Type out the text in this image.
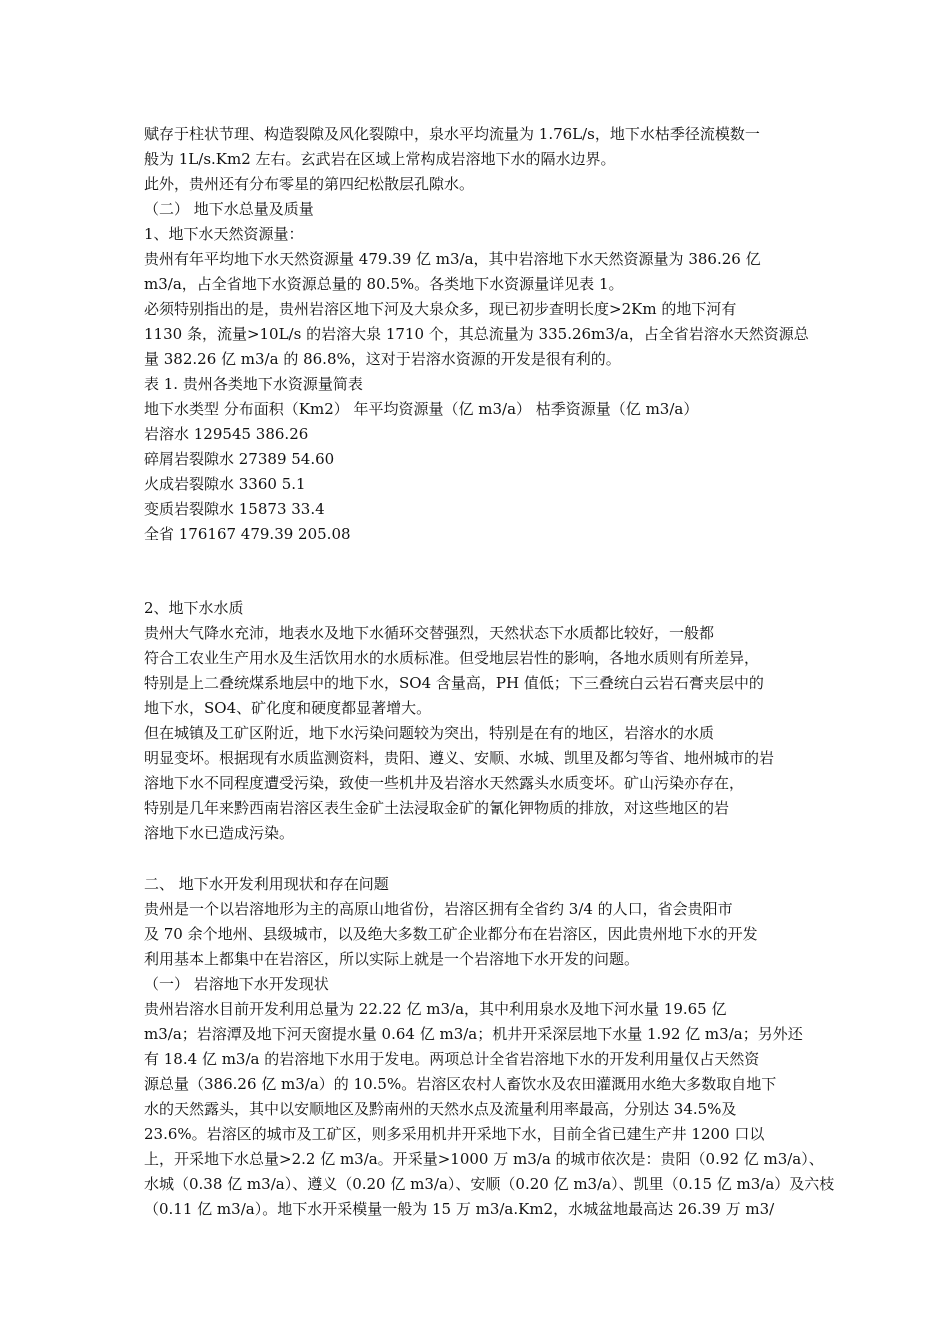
赋存于柱状节理、构造裂隙及风化裂隙中，泉水平均流量为 1.76L/s，地下水枯季径流模数一
般为 1L/s.Km2 左右。玄武岩在区域上常构成岩溶地下水的隔水边界。
此外，贵州还有分布零星的第四纪松散层孔隙水。
（二） 地下水总量及质量
1、地下水天然资源量：
贵州有年平均地下水天然资源量 479.39 亿 m3/a，其中岩溶地下水天然资源量为 386.26 亿
m3/a，占全省地下水资源总量的 80.5%。各类地下水资源量详见表 1。
必须特别指出的是，贵州岩溶区地下河及大泉众多，现已初步查明长度>2Km 的地下河有
1130 条，流量>10L/s 的岩溶大泉 1710 个，其总流量为 335.26m3/a，占全省岩溶水天然资源总
量 382.26 亿 m3/a 的 86.8%，这对于岩溶水资源的开发是很有利的。
表 1. 贵州各类地下水资源量简表
地下水类型 分布面积（Km2） 年平均资源量（亿 m3/a） 枯季资源量（亿 m3/a）
岩溶水 129545 386.26
碎屑岩裂隙水 27389 54.60
火成岩裂隙水 3360 5.1
变质岩裂隙水 15873 33.4
全省 176167 479.39 205.08
2、地下水水质
贵州大气降水充沛，地表水及地下水循环交替强烈，天然状态下水质都比较好，一般都
符合工农业生产用水及生活饮用水的水质标准。但受地层岩性的影响，各地水质则有所差异，
特别是上二叠统煤系地层中的地下水，SO4 含量高，PH 值低；下三叠统白云岩石膏夹层中的
地下水，SO4、矿化度和硬度都显著增大。
但在城镇及工矿区附近，地下水污染问题较为突出，特别是在有的地区，岩溶水的水质
明显变坏。根据现有水质监测资料，贵阳、遵义、安顺、水城、凯里及都匀等省、地州城市的岩
溶地下水不同程度遭受污染，致使一些机井及岩溶水天然露头水质变坏。矿山污染亦存在，
特别是几年来黔西南岩溶区表生金矿土法浸取金矿的氰化钾物质的排放，对这些地区的岩
溶地下水已造成污染。
二、 地下水开发利用现状和存在问题
贵州是一个以岩溶地形为主的高原山地省份，岩溶区拥有全省约 3/4 的人口，省会贵阳市
及 70 余个地州、县级城市，以及绝大多数工矿企业都分布在岩溶区，因此贵州地下水的开发
利用基本上都集中在岩溶区，所以实际上就是一个岩溶地下水开发的问题。
（一） 岩溶地下水开发现状
贵州岩溶水目前开发利用总量为 22.22 亿 m3/a，其中利用泉水及地下河水量 19.65 亿
m3/a；岩溶潭及地下河天窗提水量 0.64 亿 m3/a；机井开采深层地下水量 1.92 亿 m3/a；另外还
有 18.4 亿 m3/a 的岩溶地下水用于发电。两项总计全省岩溶地下水的开发利用量仅占天然资
源总量（386.26 亿 m3/a）的 10.5%。岩溶区农村人畜饮水及农田灌溉用水绝大多数取自地下
水的天然露头，其中以安顺地区及黔南州的天然水点及流量利用率最高，分别达 34.5%及
23.6%。岩溶区的城市及工矿区，则多采用机井开采地下水，目前全省已建生产井 1200 口以
上，开采地下水总量>2.2 亿 m3/a。开采量>1000 万 m3/a 的城市依次是：贵阳（0.92 亿 m3/a）、
水城（0.38 亿 m3/a）、遵义（0.20 亿 m3/a）、安顺（0.20 亿 m3/a）、凯里（0.15 亿 m3/a）及六枝
（0.11 亿 m3/a）。地下水开采模量一般为 15 万 m3/a.Km2，水城盆地最高达 26.39 万 m3/
